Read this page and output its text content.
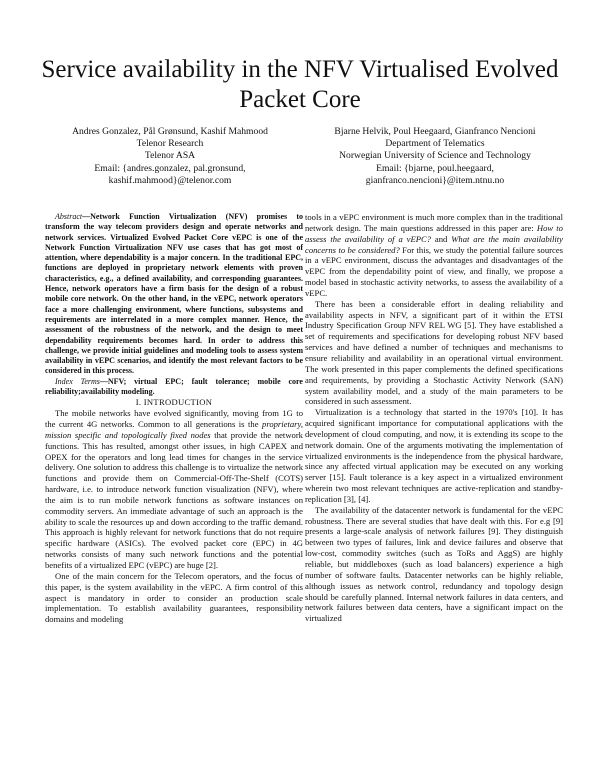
Service availability in the NFV Virtualised Evolved Packet Core
Andres Gonzalez, Pål Grønsund, Kashif Mahmood
Telenor Research
Telenor ASA
Email: {andres.gonzalez, pal.gronsund,
kashif.mahmood}@telenor.com
Bjarne Helvik, Poul Heegaard, Gianfranco Nencioni
Department of Telematics
Norwegian University of Science and Technology
Email: {bjarne, poul.heegaard,
gianfranco.nencioni}@item.ntnu.no

Abstract—Network Function Virtualization (NFV) promises to transform the way telecom providers design and operate networks and network services. Virtualized Evolved Packet Core vEPC is one of the Network Function Virtualization NFV use cases that has got most of attention, where dependability is a major concern. In the traditional EPC, functions are deployed in proprietary network elements with proven characteristics, e.g., a defined availability, and corresponding guarantees. Hence, network operators have a firm basis for the design of a robust mobile core network. On the other hand, in the vEPC, network operators face a more challenging environment, where functions, subsystems and requirements are interrelated in a more complex manner. Hence, the assessment of the robustness of the network, and the design to meet dependability requirements becomes hard. In order to address this challenge, we provide initial guidelines and modeling tools to assess system availability in vEPC scenarios, and identify the most relevant factors to be considered in this process.

Index Terms—NFV; virtual EPC; fault tolerance; mobile core reliability;availability modeling.

I. INTRODUCTION

The mobile networks have evolved significantly, moving from 1G to the current 4G networks. Common to all generations is the proprietary, mission specific and topologically fixed nodes that provide the network functions. This has resulted, amongst other issues, in high CAPEX and OPEX for the operators and long lead times for changes in the service delivery. One solution to address this challenge is to virtualize the network functions and provide them on Commercial-Off-The-Shelf (COTS) hardware, i.e. to introduce network function visualization (NFV), where the aim is to run mobile network functions as software instances on commodity servers. An immediate advantage of such an approach is the ability to scale the resources up and down according to the traffic demand. This approach is highly relevant for network functions that do not require specific hardware (ASICs). The evolved packet core (EPC) in 4G networks consists of many such network functions and the potential benefits of a virtualized EPC (vEPC) are huge [2].

One of the main concern for the Telecom operators, and the focus of this paper, is the system availability in the vEPC. A firm control of this aspect is mandatory in order to consider an production scale implementation. To establish availability guarantees, responsibility domains and modeling

tools in a vEPC environment is much more complex than in the traditional network design. The main questions addressed in this paper are: How to assess the availability of a vEPC? and What are the main availability concerns to be considered? For this, we study the potential failure sources in a vEPC environment, discuss the advantages and disadvantages of the vEPC from the dependability point of view, and finally, we propose a model based in stochastic activity networks, to assess the availability of a vEPC.

There has been a considerable effort in dealing reliability and availability aspects in NFV, a significant part of it within the ETSI Industry Specification Group NFV REL WG [5]. They have established a set of requirements and specifications for developing robust NFV based services and have defined a number of techniques and mechanisms to ensure reliability and availability in an operational virtual environment. The work presented in this paper complements the defined specifications and requirements, by providing a Stochastic Activity Network (SAN) system availability model, and a study of the main parameters to be considered in such assessment.

Virtualization is a technology that started in the 1970's [10]. It has acquired significant importance for computational applications with the development of cloud computing, and now, it is extending its scope to the network domain. One of the arguments motivating the implementation of virtualized environments is the independence from the physical hardware, since any affected virtual application may be executed on any working server [15]. Fault tolerance is a key aspect in a virtualized environment wherein two most relevant techniques are active-replication and standby-replication [3], [4].

The availability of the datacenter network is fundamental for the vEPC robustness. There are several studies that have dealt with this. For e.g [9] presents a large-scale analysis of network failures [9]. They distinguish between two types of failures, link and device failures and observe that low-cost, commodity switches (such as ToRs and AggS) are highly reliable, but middleboxes (such as load balancers) experience a high number of software faults. Datacenter networks can be highly reliable, although issues as network control, redundancy and topology design should be carefully planned. Internal network failures in data centers, and network failures between data centers, have a significant impact on the virtualized
